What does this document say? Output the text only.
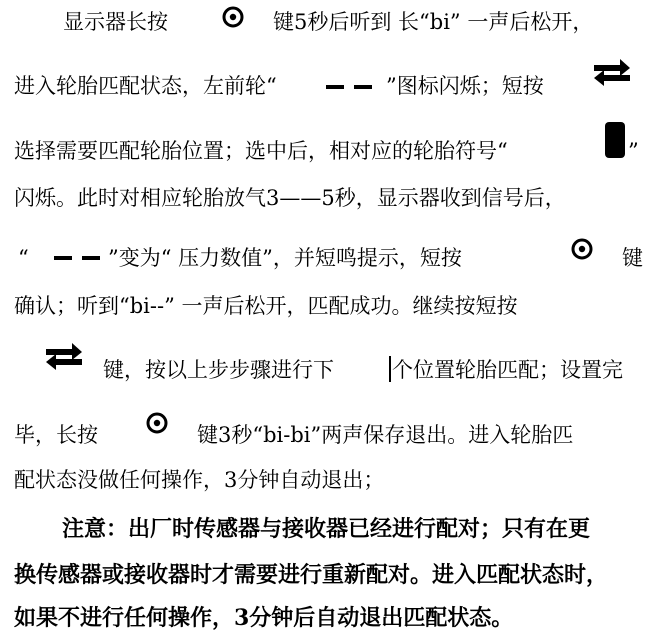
显示器长按	键5秒后听到 长“bi” 一声后松开，
进入轮胎匹配状态，左前轮“	”图标闪烁；短按
选择需要匹配轮胎位置；选中后，相对应的轮胎符号“	”
闪烁。此时对相应轮胎放气3——5秒，显示器收到信号后，
“	”变为“ 压力数值”，并短鸣提示，短按	键
确认；听到“bi--” 一声后松开，匹配成功。继续按短按
键，按以上步步骤进行下	个位置轮胎匹配；设置完
毕，长按	键3秒“bi-bi”两声保存退出。进入轮胎匹
配状态没做任何操作，3分钟自动退出；
注意：出厂时传感器与接收器已经进行配对；只有在更
换传感器或接收器时才需要进行重新配对。进入匹配状态时，
如果不进行任何操作，3分钟后自动退出匹配状态。
